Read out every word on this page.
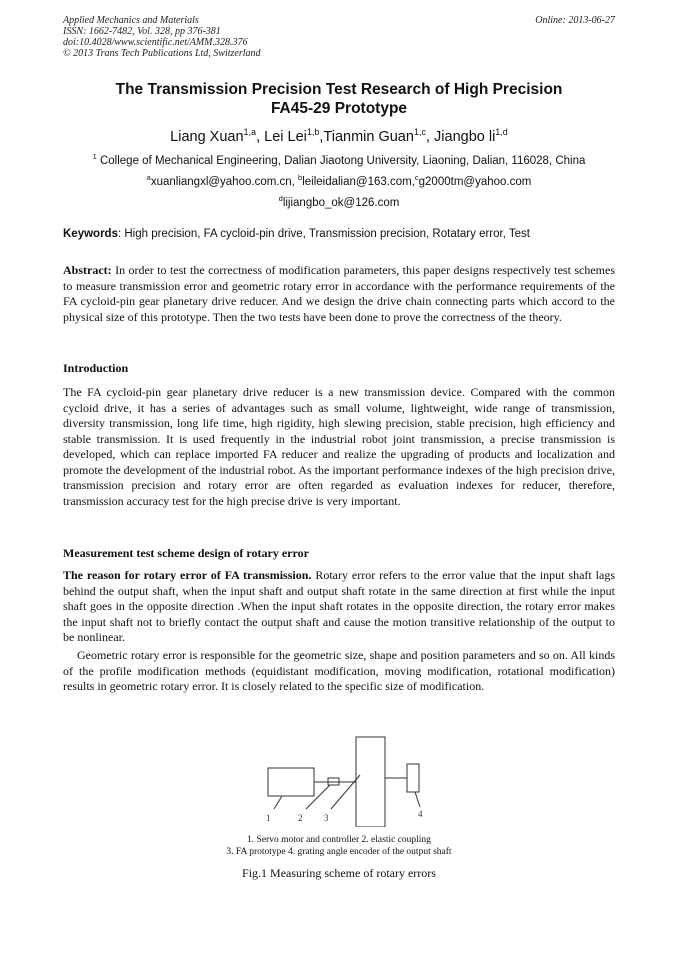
Applied Mechanics and Materials
ISSN: 1662-7482, Vol. 328, pp 376-381
doi:10.4028/www.scientific.net/AMM.328.376
© 2013 Trans Tech Publications Ltd, Switzerland
Online: 2013-06-27
The Transmission Precision Test Research of High Precision
FA45-29 Prototype
Liang Xuan$^{1,a}$, Lei Lei$^{1,b}$,Tianmin Guan$^{1,c}$, Jiangbo li$^{1,d}$
$^1$ College of Mechanical Engineering, Dalian Jiaotong University, Liaoning, Dalian, 116028, China
$^a$xuanliangxl@yahoo.com.cn, $^b$leileidalian@163.com,$^c$g2000tm@yahoo.com
$^d$lijiangbo_ok@126.com
Keywords: High precision, FA cycloid-pin drive, Transmission precision, Rotatary error, Test

Abstract: In order to test the correctness of modification parameters, this paper designs respectively test schemes to measure transmission error and geometric rotary error in accordance with the performance requirements of the FA cycloid-pin gear planetary drive reducer. And we design the drive chain connecting parts which accord to the physical size of this prototype. Then the two tests have been done to prove the correctness of the theory.

Introduction

The FA cycloid-pin gear planetary drive reducer is a new transmission device. Compared with the common cycloid drive, it has a series of advantages such as small volume, lightweight, wide range of transmission, diversity transmission, long life time, high rigidity, high slewing precision, stable precision, high efficiency and stable transmission. It is used frequently in the industrial robot joint transmission, a precise transmission is developed, which can replace imported FA reducer and realize the upgrading of products and localization and promote the development of the industrial robot. As the important performance indexes of the high precision drive, transmission precision and rotary error are often regarded as evaluation indexes for reducer, therefore, transmission accuracy test for the high precise drive is very important.

Measurement test scheme design of rotary error

The reason for rotary error of FA transmission. Rotary error refers to the error value that the input shaft lags behind the output shaft, when the input shaft and output shaft rotate in the same direction at first while the input shaft goes in the opposite direction .When the input shaft rotates in the opposite direction, the rotary error makes the input shaft not to briefly contact the output shaft and cause the motion transitive relationship of the output to be nonlinear.

Geometric rotary error is responsible for the geometric size, shape and position parameters and so on. All kinds of the profile modification methods (equidistant modification, moving modification, rotational modification) results in geometric rotary error. It is closely related to the specific size of modification.

1	2 3	4
1. Servo motor and controller 2. elastic coupling
3. FA prototype 4. grating angle encoder of the output shaft
Fig.1 Measuring scheme of rotary errors
